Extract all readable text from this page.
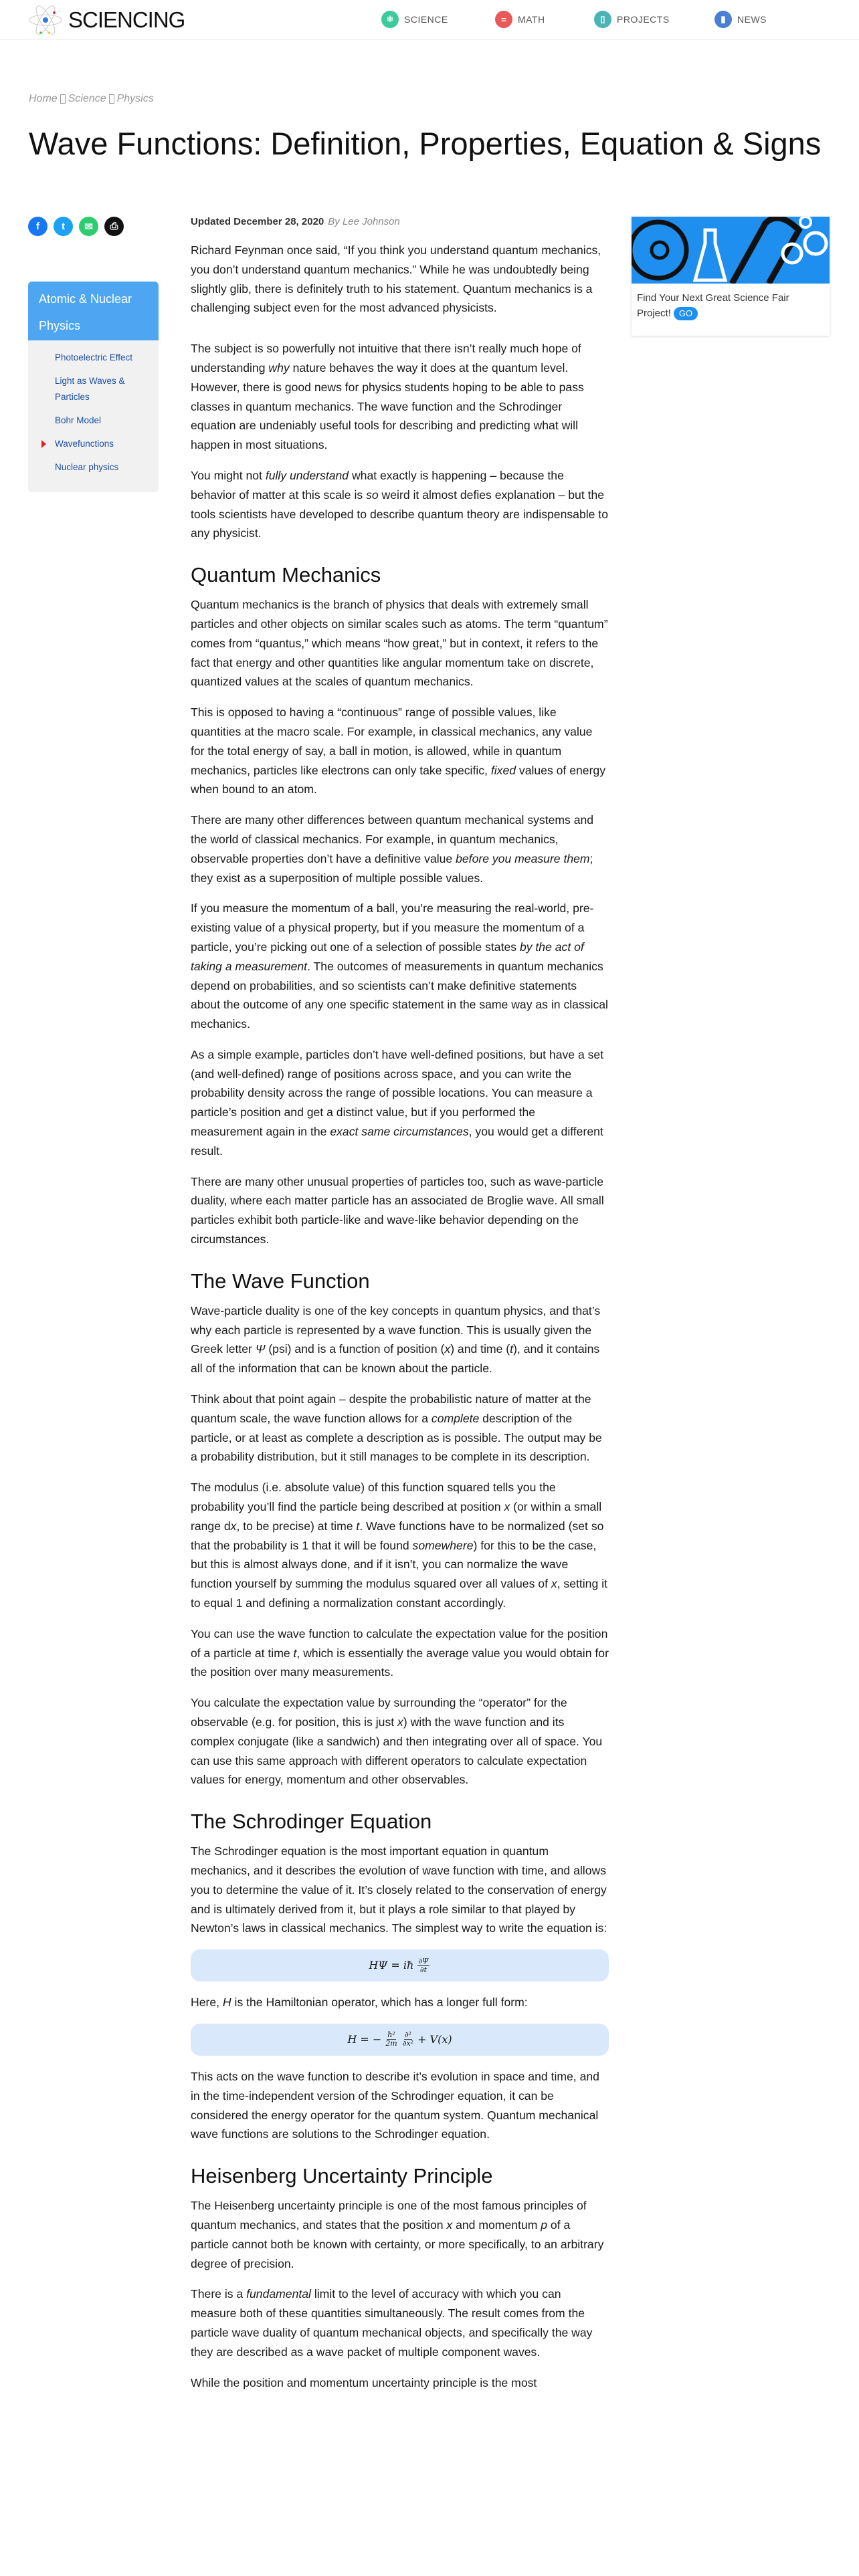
SCIENCING	⚛	SCIENCE	=	MATH	▯	PROJECTS	▮	NEWS
Home Science Physics
Wave Functions: Definition, Properties, Equation & Signs
f	t	✉	⎙
Atomic & Nuclear Physics
Photoelectric Effect
Light as Waves & Particles
Bohr Model
Wavefunctions
Nuclear physics
Updated December 28, 2020 By Lee Johnson

Richard Feynman once said, “If you think you understand quantum mechanics, you don’t understand quantum mechanics.” While he was undoubtedly being slightly glib, there is definitely truth to his statement. Quantum mechanics is a challenging subject even for the most advanced physicists.

The subject is so powerfully not intuitive that there isn’t really much hope of understanding why nature behaves the way it does at the quantum level. However, there is good news for physics students hoping to be able to pass classes in quantum mechanics. The wave function and the Schrodinger equation are undeniably useful tools for describing and predicting what will happen in most situations.

You might not fully understand what exactly is happening – because the behavior of matter at this scale is so weird it almost defies explanation – but the tools scientists have developed to describe quantum theory are indispensable to any physicist.

Quantum Mechanics

Quantum mechanics is the branch of physics that deals with extremely small particles and other objects on similar scales such as atoms. The term “quantum” comes from “quantus,” which means “how great,” but in context, it refers to the fact that energy and other quantities like angular momentum take on discrete, quantized values at the scales of quantum mechanics.

This is opposed to having a “continuous” range of possible values, like quantities at the macro scale. For example, in classical mechanics, any value for the total energy of say, a ball in motion, is allowed, while in quantum mechanics, particles like electrons can only take specific, fixed values of energy when bound to an atom.

There are many other differences between quantum mechanical systems and the world of classical mechanics. For example, in quantum mechanics, observable properties don’t have a definitive value before you measure them; they exist as a superposition of multiple possible values.

If you measure the momentum of a ball, you’re measuring the real-world, pre-existing value of a physical property, but if you measure the momentum of a particle, you’re picking out one of a selection of possible states by the act of taking a measurement. The outcomes of measurements in quantum mechanics depend on probabilities, and so scientists can’t make definitive statements about the outcome of any one specific statement in the same way as in classical mechanics.

As a simple example, particles don’t have well-defined positions, but have a set (and well-defined) range of positions across space, and you can write the probability density across the range of possible locations. You can measure a particle’s position and get a distinct value, but if you performed the measurement again in the exact same circumstances, you would get a different result.

There are many other unusual properties of particles too, such as wave-particle duality, where each matter particle has an associated de Broglie wave. All small particles exhibit both particle-like and wave-like behavior depending on the circumstances.

The Wave Function

Wave-particle duality is one of the key concepts in quantum physics, and that’s why each particle is represented by a wave function. This is usually given the Greek letter Ψ (psi) and is a function of position (x) and time (t), and it contains all of the information that can be known about the particle.

Think about that point again – despite the probabilistic nature of matter at the quantum scale, the wave function allows for a complete description of the particle, or at least as complete a description as is possible. The output may be a probability distribution, but it still manages to be complete in its description.

The modulus (i.e. absolute value) of this function squared tells you the probability you’ll find the particle being described at position x (or within a small range dx, to be precise) at time t. Wave functions have to be normalized (set so that the probability is 1 that it will be found somewhere) for this to be the case, but this is almost always done, and if it isn’t, you can normalize the wave function yourself by summing the modulus squared over all values of x, setting it to equal 1 and defining a normalization constant accordingly.

You can use the wave function to calculate the expectation value for the position of a particle at time t, which is essentially the average value you would obtain for the position over many measurements.

You calculate the expectation value by surrounding the “operator” for the observable (e.g. for position, this is just x) with the wave function and its complex conjugate (like a sandwich) and then integrating over all of space. You can use this same approach with different operators to calculate expectation values for energy, momentum and other observables.

The Schrodinger Equation

The Schrodinger equation is the most important equation in quantum mechanics, and it describes the evolution of wave function with time, and allows you to determine the value of it. It’s closely related to the conservation of energy and is ultimately derived from it, but it plays a role similar to that played by Newton’s laws in classical mechanics. The simplest way to write the equation is:

HΨ = iħ $\frac{\partial\Psi}{\partial t}$

Here, H is the Hamiltonian operator, which has a longer full form:

H = − $\frac{\text{ħ²}}{2m} \frac{\text{∂²}}{\text{∂x²}} + V(x)$

This acts on the wave function to describe it’s evolution in space and time, and in the time-independent version of the Schrodinger equation, it can be considered the energy operator for the quantum system. Quantum mechanical wave functions are solutions to the Schrodinger equation.

Heisenberg Uncertainty Principle

The Heisenberg uncertainty principle is one of the most famous principles of quantum mechanics, and states that the position x and momentum p of a particle cannot both be known with certainty, or more specifically, to an arbitrary degree of precision.

There is a fundamental limit to the level of accuracy with which you can measure both of these quantities simultaneously. The result comes from the particle wave duality of quantum mechanical objects, and specifically the way they are described as a wave packet of multiple component waves.

While the position and momentum uncertainty principle is the most

Find Your Next Great Science Fair Project! GO
